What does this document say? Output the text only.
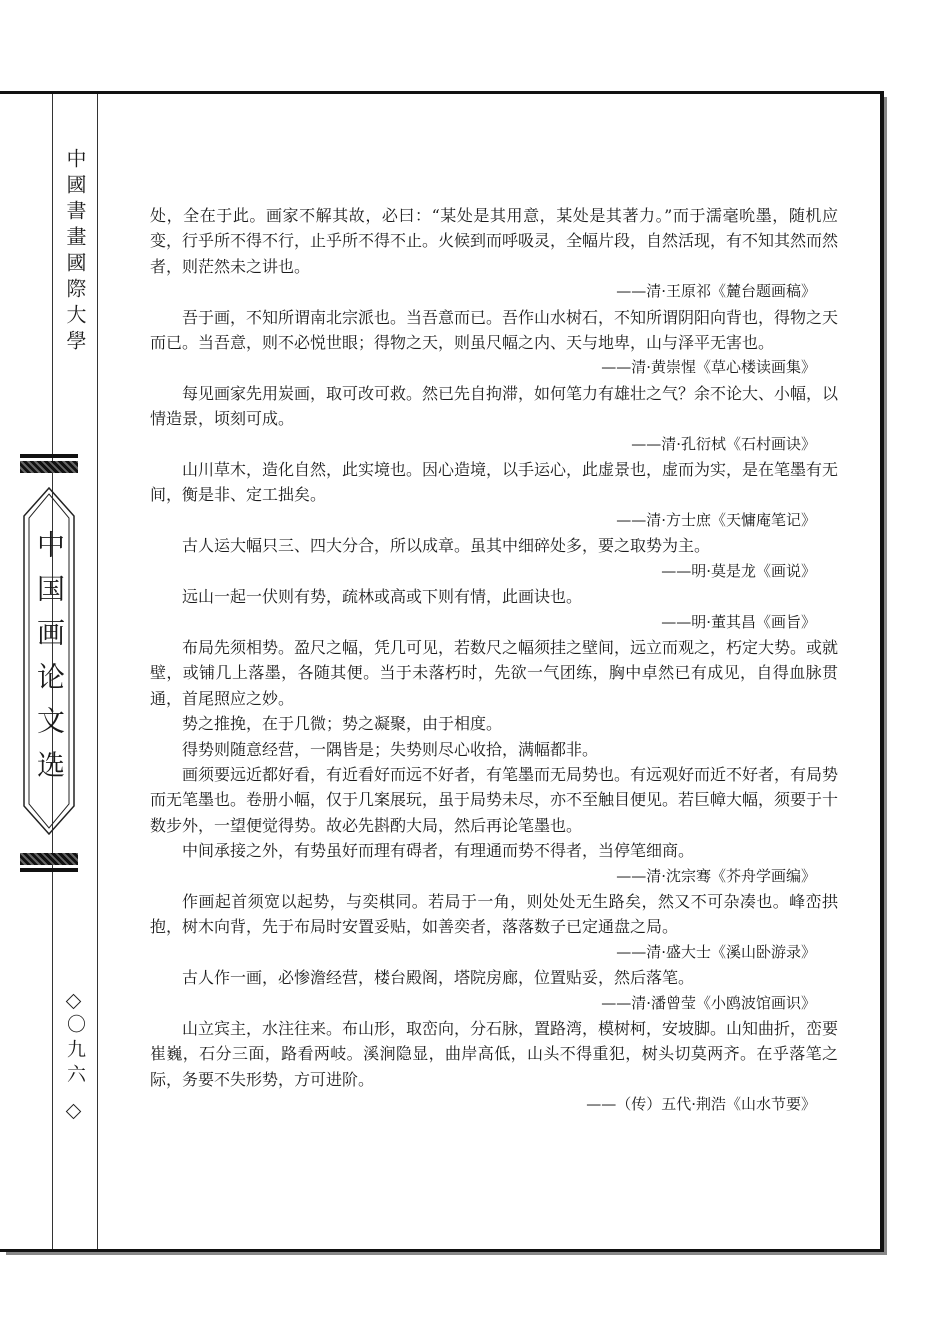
中國書畫國際大學
中国画论文选
〇九六

处，全在于此。画家不解其故，必曰：“某处是其用意，某处是其著力。”而于濡毫吮墨，随机应变，行乎所不得不行，止乎所不得不止。火候到而呼吸灵，全幅片段，自然活现，有不知其然而然者，则茫然未之讲也。

——清·王原祁《麓台题画稿》

吾于画，不知所谓南北宗派也。当吾意而已。吾作山水树石，不知所谓阴阳向背也，得物之天而已。当吾意，则不必悦世眼；得物之天，则虽尺幅之内、天与地卑，山与泽平无害也。

——清·黄崇惺《草心楼读画集》

每见画家先用炭画，取可改可救。然已先自拘滞，如何笔力有雄壮之气？余不论大、小幅，以情造景，顷刻可成。

——清·孔衍栻《石村画诀》

山川草木，造化自然，此实境也。因心造境，以手运心，此虚景也，虚而为实，是在笔墨有无间，衡是非、定工拙矣。

——清·方士庶《天慵庵笔记》

古人运大幅只三、四大分合，所以成章。虽其中细碎处多，要之取势为主。

——明·莫是龙《画说》

远山一起一伏则有势，疏林或高或下则有情，此画诀也。

——明·董其昌《画旨》

布局先须相势。盈尺之幅，凭几可见，若数尺之幅须挂之壁间，远立而观之，朽定大势。或就壁，或铺几上落墨，各随其便。当于未落朽时，先欲一气团练，胸中卓然已有成见，自得血脉贯通，首尾照应之妙。

势之推挽，在于几微；势之凝聚，由于相度。

得势则随意经营，一隅皆是；失势则尽心收拾，满幅都非。

画须要远近都好看，有近看好而远不好者，有笔墨而无局势也。有远观好而近不好者，有局势而无笔墨也。卷册小幅，仅于几案展玩，虽于局势未尽，亦不至触目便见。若巨幛大幅，须要于十数步外，一望便觉得势。故必先斟酌大局，然后再论笔墨也。

中间承接之外，有势虽好而理有碍者，有理通而势不得者，当停笔细商。

——清·沈宗骞《芥舟学画编》

作画起首须宽以起势，与奕棋同。若局于一角，则处处无生路矣，然又不可杂凑也。峰峦拱抱，树木向背，先于布局时安置妥贴，如善奕者，落落数子已定通盘之局。

——清·盛大士《溪山卧游录》

古人作一画，必惨澹经营，楼台殿阁，塔院房廊，位置贴妥，然后落笔。

——清·潘曾莹《小鸥波馆画识》

山立宾主，水注往来。布山形，取峦向，分石脉，置路湾，模树柯，安坡脚。山知曲折，峦要崔巍，石分三面，路看两岐。溪涧隐显，曲岸高低，山头不得重犯，树头切莫两齐。在乎落笔之际，务要不失形势，方可进阶。

——（传）五代·荆浩《山水节要》
